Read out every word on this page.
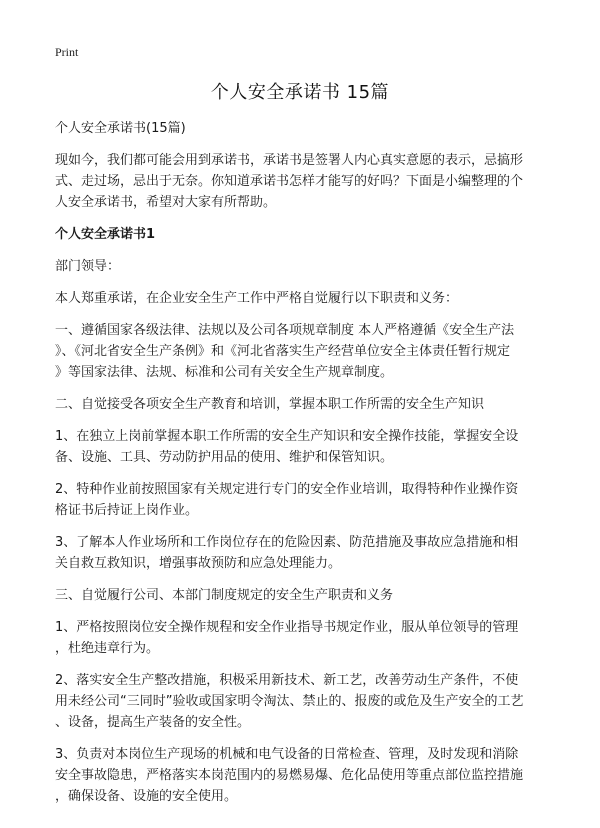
Print
个人安全承诺书 15篇

个人安全承诺书(15篇)

现如今，我们都可能会用到承诺书，承诺书是签署人内心真实意愿的表示，忌搞形

式、走过场，忌出于无奈。你知道承诺书怎样才能写的好吗？下面是小编整理的个

人安全承诺书，希望对大家有所帮助。

个人安全承诺书1

部门领导：

本人郑重承诺，在企业安全生产工作中严格自觉履行以下职责和义务：

一、遵循国家各级法律、法规以及公司各项规章制度 本人严格遵循《安全生产法

》、《河北省安全生产条例》和《河北省落实生产经营单位安全主体责任暂行规定

》等国家法律、法规、标准和公司有关安全生产规章制度。

二、自觉接受各项安全生产教育和培训，掌握本职工作所需的安全生产知识

1、在独立上岗前掌握本职工作所需的安全生产知识和安全操作技能，掌握安全设

备、设施、工具、劳动防护用品的使用、维护和保管知识。

2、特种作业前按照国家有关规定进行专门的安全作业培训，取得特种作业操作资

格证书后持证上岗作业。

3、了解本人作业场所和工作岗位存在的危险因素、防范措施及事故应急措施和相

关自救互救知识，增强事故预防和应急处理能力。

三、自觉履行公司、本部门制度规定的安全生产职责和义务

1、严格按照岗位安全操作规程和安全作业指导书规定作业，服从单位领导的管理

，杜绝违章行为。

2、落实安全生产整改措施，积极采用新技术、新工艺，改善劳动生产条件，不使

用未经公司“三同时”验收或国家明令淘汰、禁止的、报废的或危及生产安全的工艺

、设备，提高生产装备的安全性。

3、负责对本岗位生产现场的机械和电气设备的日常检查、管理，及时发现和消除

安全事故隐患，严格落实本岗范围内的易燃易爆、危化品使用等重点部位监控措施

，确保设备、设施的安全使用。
